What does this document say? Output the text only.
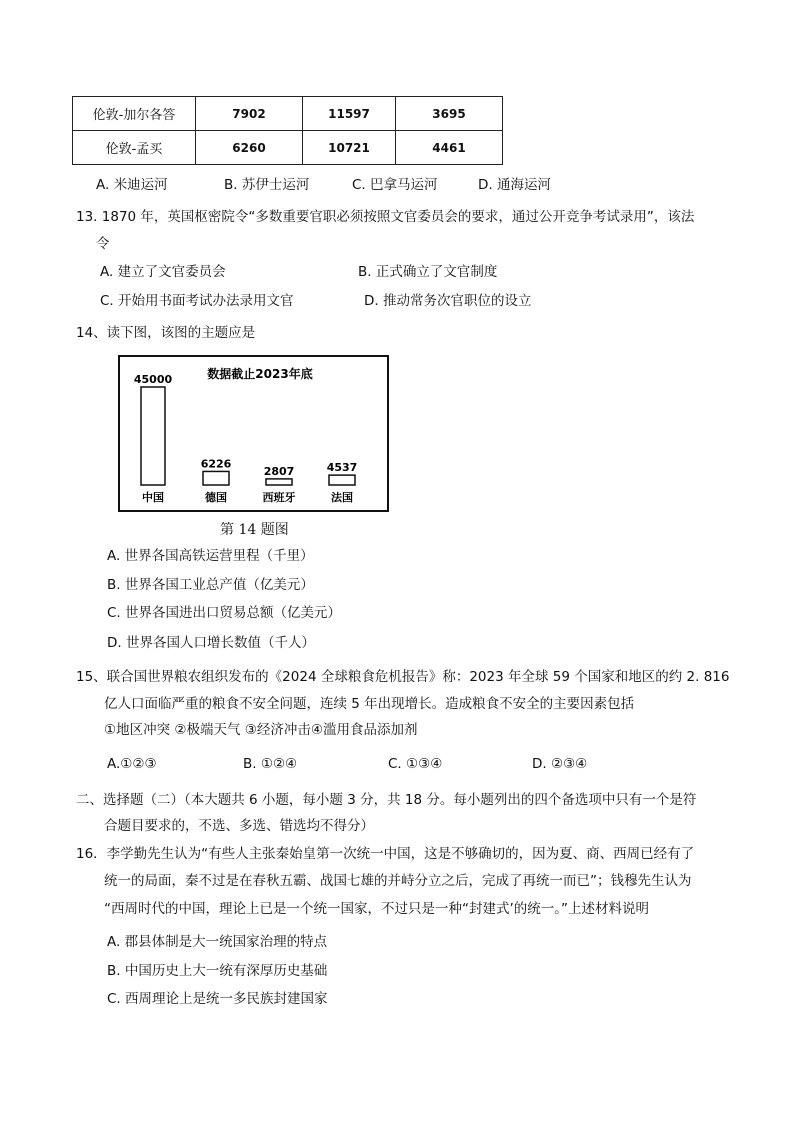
伦敦-加尔各答	7902	11597	3695
伦敦-孟买	6260	10721	4461
A. 米迪运河	B. 苏伊士运河	C. 巴拿马运河	D. 通海运河
13. 1870 年，英国枢密院令“多数重要官职必须按照文官委员会的要求，通过公开竞争考试录用”，该法
令
A. 建立了文官委员会	B. 正式确立了文官制度
C. 开始用书面考试办法录用文官	D. 推动常务次官职位的设立
14、读下图，该图的主题应是
数据截止2023年底
45000
中国
6226
德国
2807
西班牙
4537
法国
第 14 题图
A. 世界各国高铁运营里程（千里）
B. 世界各国工业总产值（亿美元）
C. 世界各国进出口贸易总额（亿美元）
D. 世界各国人口增长数值（千人）
15、联合国世界粮农组织发布的《2024 全球粮食危机报告》称：2023 年全球 59 个国家和地区的约 2. 816
亿人口面临严重的粮食不安全问题，连续 5 年出现增长。造成粮食不安全的主要因素包括
①地区冲突 ②极端天气 ③经济冲击④滥用食品添加剂
A.①②③	B. ①②④	C. ①③④	D. ②③④
二、选择题（二）（本大题共 6 小题，每小题 3 分，共 18 分。每小题列出的四个备选项中只有一个是符
合题目要求的，不选、多选、错选均不得分）
16．李学勤先生认为“有些人主张秦始皇第一次统一中国，这是不够确切的，因为夏、商、西周已经有了
统一的局面，秦不过是在春秋五霸、战国七雄的并峙分立之后，完成了再统一而已”；钱穆先生认为
“西周时代的中国，理论上已是一个统一国家，不过只是一种“封建式’的统一。”上述材料说明
A. 郡县体制是大一统国家治理的特点
B. 中国历史上大一统有深厚历史基础
C. 西周理论上是统一多民族封建国家
